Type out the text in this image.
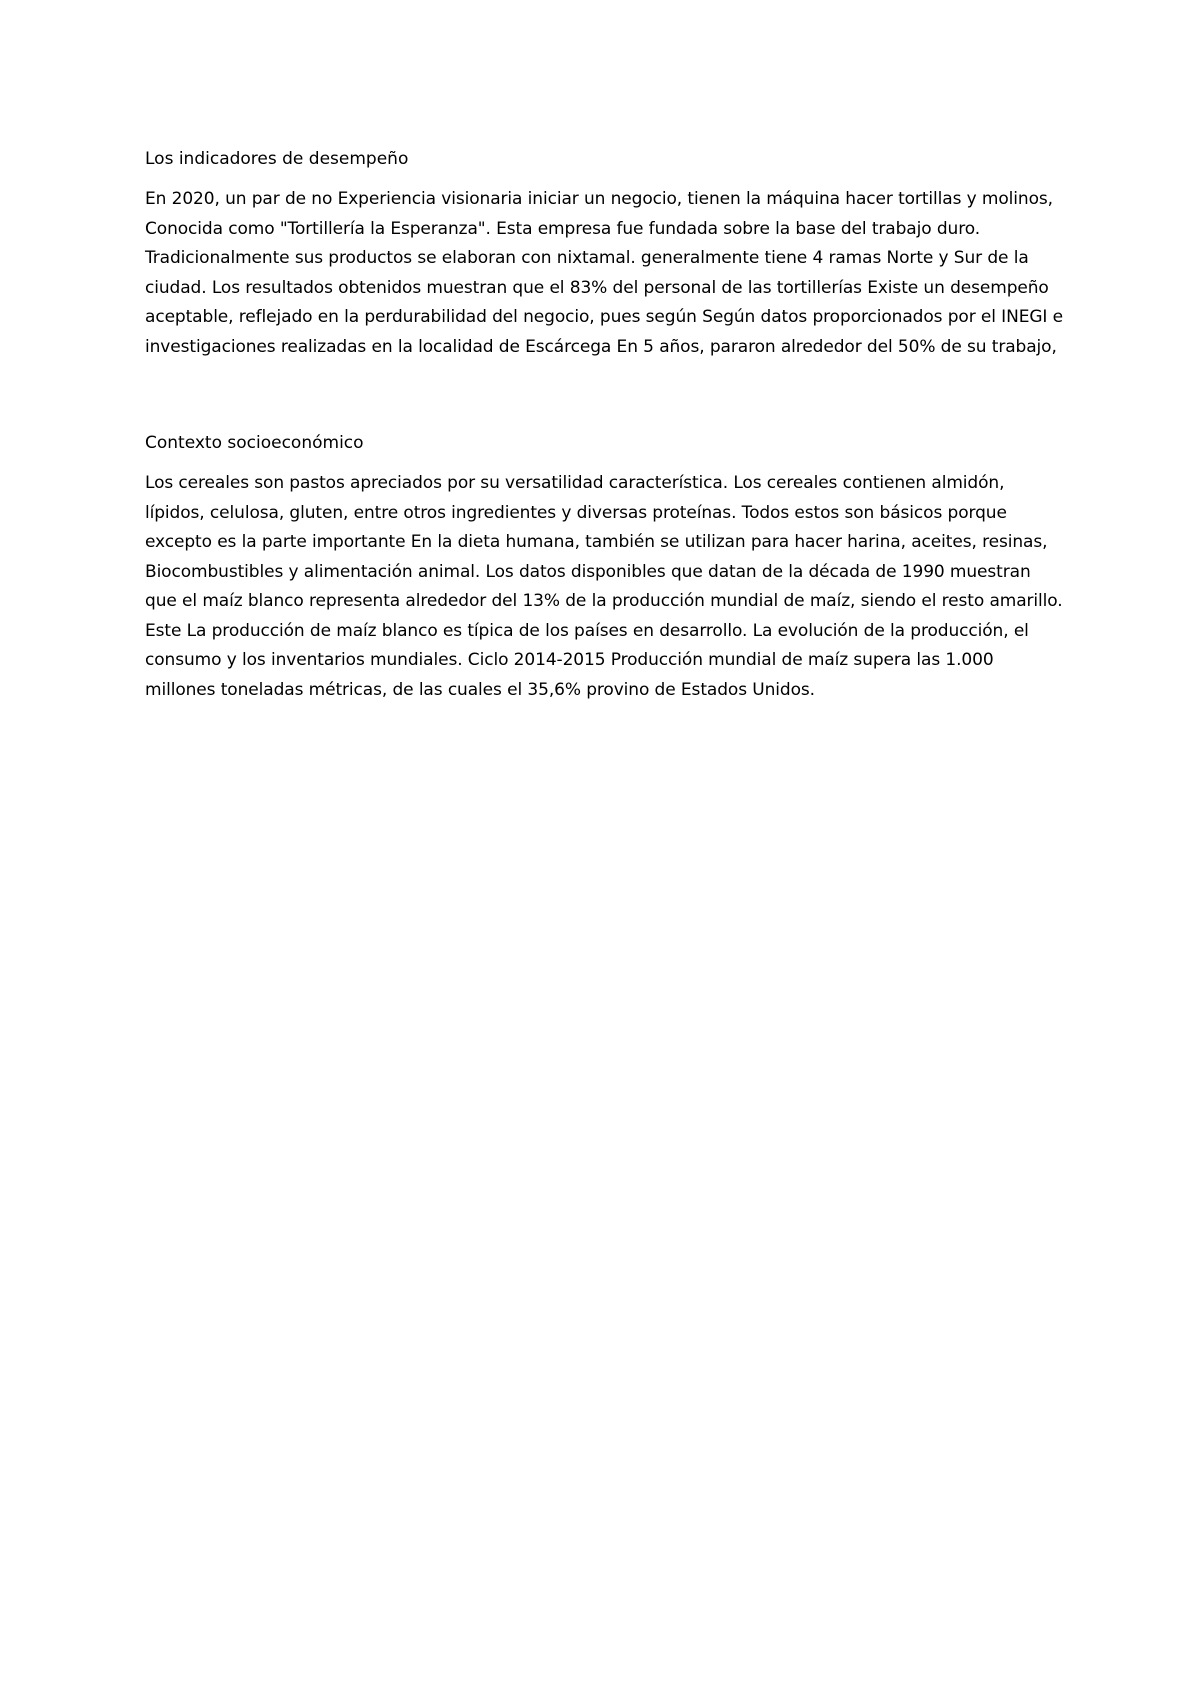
Los indicadores de desempeño

En 2020, un par de no Experiencia visionaria iniciar un negocio, tienen la máquina hacer tortillas y molinos, Conocida como "Tortillería la Esperanza". Esta empresa fue fundada sobre la base del trabajo duro. Tradicionalmente sus productos se elaboran con nixtamal. generalmente tiene 4 ramas Norte y Sur de la ciudad. Los resultados obtenidos muestran que el 83% del personal de las tortillerías Existe un desempeño aceptable, reflejado en la perdurabilidad del negocio, pues según Según datos proporcionados por el INEGI e investigaciones realizadas en la localidad de Escárcega En 5 años, pararon alrededor del 50% de su trabajo,

Contexto socioeconómico

Los cereales son pastos apreciados por su versatilidad característica. Los cereales contienen almidón, lípidos, celulosa, gluten, entre otros ingredientes y diversas proteínas. Todos estos son básicos porque excepto es la parte importante En la dieta humana, también se utilizan para hacer harina, aceites, resinas, Biocombustibles y alimentación animal. Los datos disponibles que datan de la década de 1990 muestran que el maíz blanco representa alrededor del 13% de la producción mundial de maíz, siendo el resto amarillo. Este La producción de maíz blanco es típica de los países en desarrollo. La evolución de la producción, el consumo y los inventarios mundiales. Ciclo 2014-2015 Producción mundial de maíz supera las 1.000 millones toneladas métricas, de las cuales el 35,6% provino de Estados Unidos.
